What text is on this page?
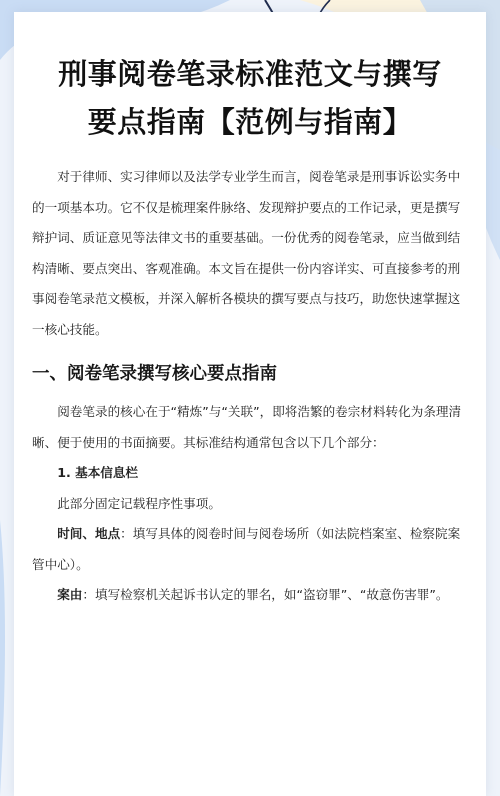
刑事阅卷笔录标准范文与撰写
要点指南【范例与指南】

对于律师、实习律师以及法学专业学生而言，阅卷笔录是刑事诉讼实务中的一项基本功。它不仅是梳理案件脉络、发现辩护要点的工作记录，更是撰写辩护词、质证意见等法律文书的重要基础。一份优秀的阅卷笔录，应当做到结构清晰、要点突出、客观准确。本文旨在提供一份内容详实、可直接参考的刑事阅卷笔录范文模板，并深入解析各模块的撰写要点与技巧，助您快速掌握这一核心技能。

一、阅卷笔录撰写核心要点指南

阅卷笔录的核心在于“精炼”与“关联”，即将浩繁的卷宗材料转化为条理清晰、便于使用的书面摘要。其标准结构通常包含以下几个部分：

1. 基本信息栏

此部分固定记载程序性事项。

时间、地点：填写具体的阅卷时间与阅卷场所（如法院档案室、检察院案管中心）。

案由：填写检察机关起诉书认定的罪名，如“盗窃罪”、“故意伤害罪”。
